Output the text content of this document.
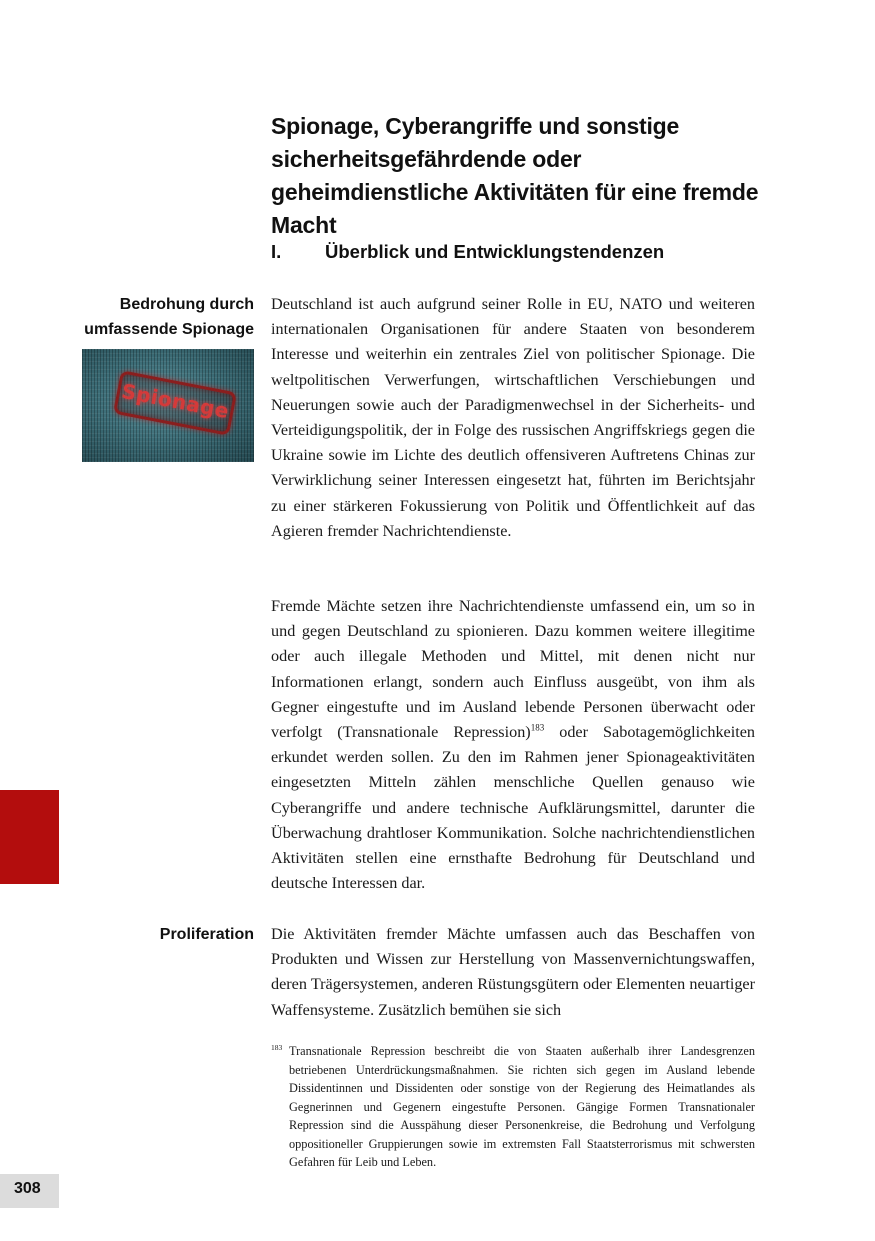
Spionage, Cyberangriffe und sonstige sicherheitsgefährdende oder geheimdienstliche Aktivitäten für eine fremde Macht
I. Überblick und Entwicklungstendenzen
Bedrohung durch
umfassende Spionage
Spionage

Deutschland ist auch aufgrund seiner Rolle in EU, NATO und weiteren internationalen Organisationen für andere Staaten von besonderem Interesse und weiterhin ein zentrales Ziel von politischer Spionage. Die weltpolitischen Verwerfungen, wirtschaftlichen Verschiebungen und Neuerungen sowie auch der Paradigmenwechsel in der Sicherheits- und Verteidigungspolitik, der in Folge des russischen Angriffskriegs gegen die Ukraine sowie im Lichte des deutlich offensiveren Auftretens Chinas zur Verwirklichung seiner Interessen eingesetzt hat, führten im Berichtsjahr zu einer stärkeren Fokussierung von Politik und Öffentlichkeit auf das Agieren fremder Nachrichtendienste.

Fremde Mächte setzen ihre Nachrichtendienste umfassend ein, um so in und gegen Deutschland zu spionieren. Dazu kommen weitere illegitime oder auch illegale Methoden und Mittel, mit denen nicht nur Informationen erlangt, sondern auch Einfluss ausgeübt, von ihm als Gegner eingestufte und im Ausland lebende Personen überwacht oder verfolgt (Transnationale Repression)$^{183}$ oder Sabotagemöglichkeiten erkundet werden sollen. Zu den im Rahmen jener Spionageaktivitäten eingesetzten Mitteln zählen menschliche Quellen genauso wie Cyberangriffe und andere technische Aufklärungsmittel, darunter die Überwachung drahtloser Kommunikation. Solche nachrichtendienstlichen Aktivitäten stellen eine ernsthafte Bedrohung für Deutschland und deutsche Interessen dar.

Proliferation Die Aktivitäten fremder Mächte umfassen auch das Beschaffen von Produkten und Wissen zur Herstellung von Massenvernichtungswaffen, deren Trägersystemen, anderen Rüstungsgütern oder Elementen neuartiger Waffensysteme. Zusätzlich bemühen sie sich

183 Transnationale Repression beschreibt die von Staaten außerhalb ihrer Landesgrenzen betriebenen Unterdrückungsmaßnahmen. Sie richten sich gegen im Ausland lebende Dissidentinnen und Dissidenten oder sonstige von der Regierung des Heimatlandes als Gegnerinnen und Gegenern eingestufte Personen. Gängige Formen Transnationaler Repression sind die Ausspähung dieser Personenkreise, die Bedrohung und Verfolgung oppositioneller Gruppierungen sowie im extremsten Fall Staatsterrorismus mit schwersten Gefahren für Leib und Leben.
308
